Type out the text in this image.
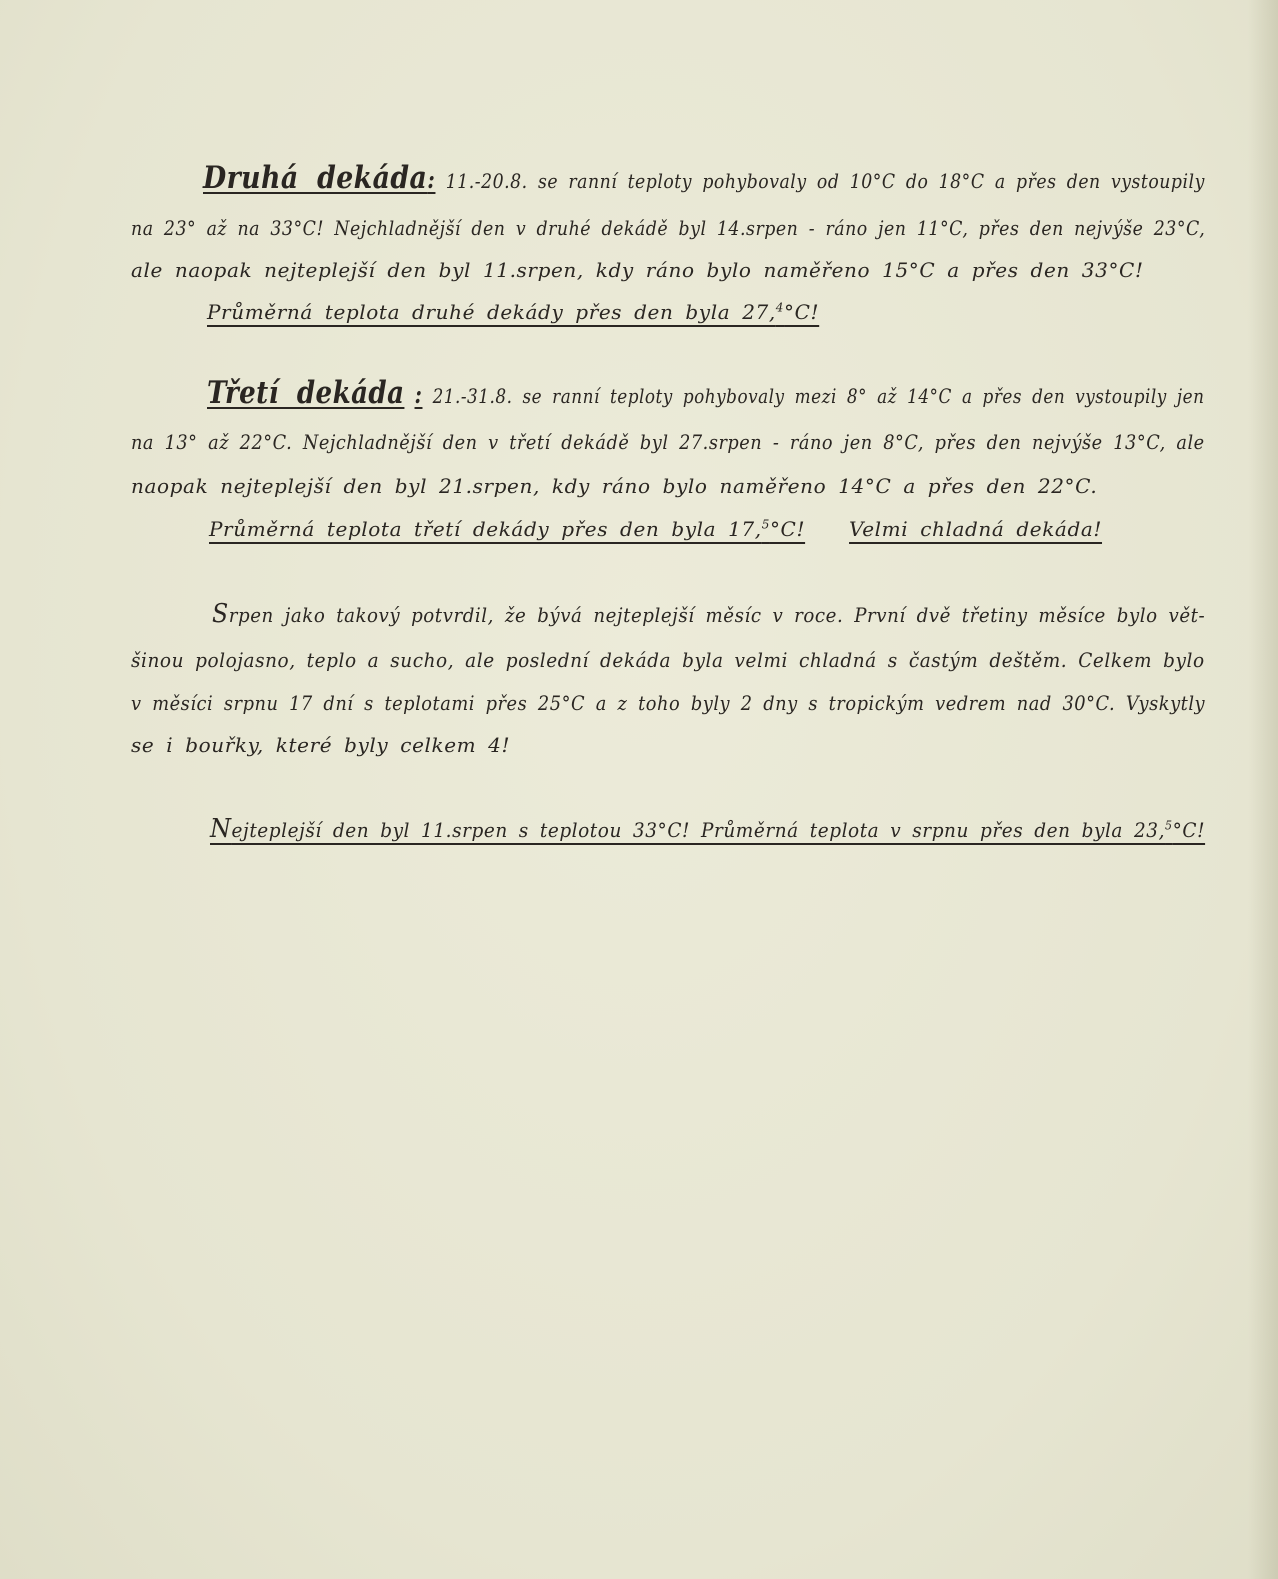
Druhá dekáda: 11.-20.8. se ranní teploty pohybovaly od 10°C do 18°C a přes den vystoupily
na 23° až na 33°C! Nejchladnější den v druhé dekádě byl 14.srpen - ráno jen 11°C, přes den nejvýše 23°C,
ale naopak nejteplejší den byl 11.srpen, kdy ráno bylo naměřeno 15°C a přes den 33°C!
Průměrná teplota druhé dekády přes den byla 27,$^4$°C!
Třetí dekáda : 21.-31.8. se ranní teploty pohybovaly mezi 8° až 14°C a přes den vystoupily jen
na 13° až 22°C. Nejchladnější den v třetí dekádě byl 27.srpen - ráno jen 8°C, přes den nejvýše 13°C, ale
naopak nejteplejší den byl 21.srpen, kdy ráno bylo naměřeno 14°C a přes den 22°C.
Průměrná teplota třetí dekády přes den byla 17,$^5$°C! Velmi chladná dekáda!
Srpen jako takový potvrdil, že bývá nejteplejší měsíc v roce. První dvě třetiny měsíce bylo vět-
šinou polojasno, teplo a sucho, ale poslední dekáda byla velmi chladná s častým deštěm. Celkem bylo
v měsíci srpnu 17 dní s teplotami přes 25°C a z toho byly 2 dny s tropickým vedrem nad 30°C. Vyskytly
se i bouřky, které byly celkem 4!
Nejteplejší den byl 11.srpen s teplotou 33°C! Průměrná teplota v srpnu přes den byla 23,$^5$°C!
